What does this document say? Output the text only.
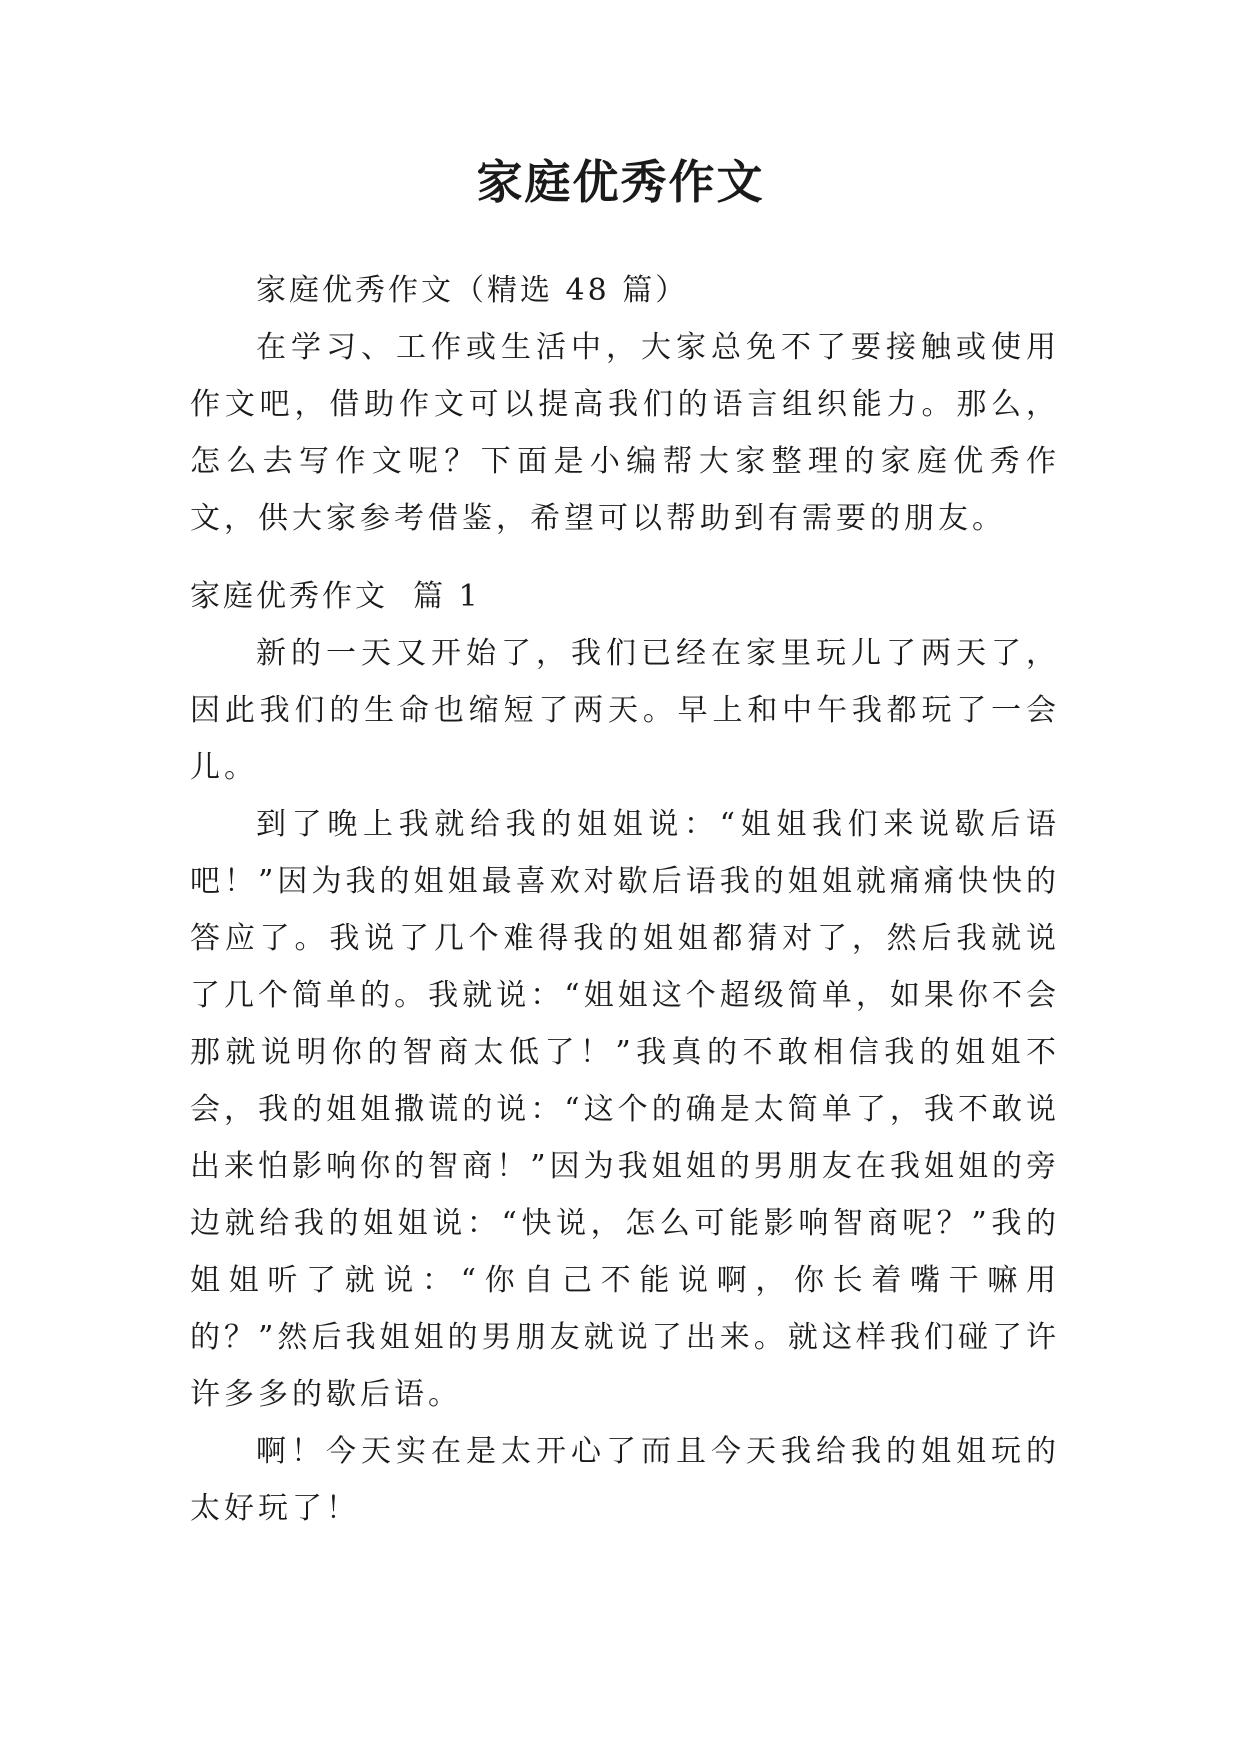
家庭优秀作文

家庭优秀作文（精选 48 篇）

在学习、工作或生活中，大家总免不了要接触或使用作文吧，借助作文可以提高我们的语言组织能力。那么，怎么去写作文呢？下面是小编帮大家整理的家庭优秀作文，供大家参考借鉴，希望可以帮助到有需要的朋友。

家庭优秀作文  篇 1

新的一天又开始了，我们已经在家里玩儿了两天了，因此我们的生命也缩短了两天。早上和中午我都玩了一会儿。

到了晚上我就给我的姐姐说：“姐姐我们来说歇后语吧！”因为我的姐姐最喜欢对歇后语我的姐姐就痛痛快快的答应了。我说了几个难得我的姐姐都猜对了，然后我就说了几个简单的。我就说：“姐姐这个超级简单，如果你不会那就说明你的智商太低了！”我真的不敢相信我的姐姐不会，我的姐姐撒谎的说：“这个的确是太简单了，我不敢说出来怕影响你的智商！”因为我姐姐的男朋友在我姐姐的旁边就给我的姐姐说：“快说，怎么可能影响智商呢？”我的姐姐听了就说：“你自己不能说啊，你长着嘴干嘛用的？”然后我姐姐的男朋友就说了出来。就这样我们碰了许许多多的歇后语。

啊！今天实在是太开心了而且今天我给我的姐姐玩的太好玩了！
